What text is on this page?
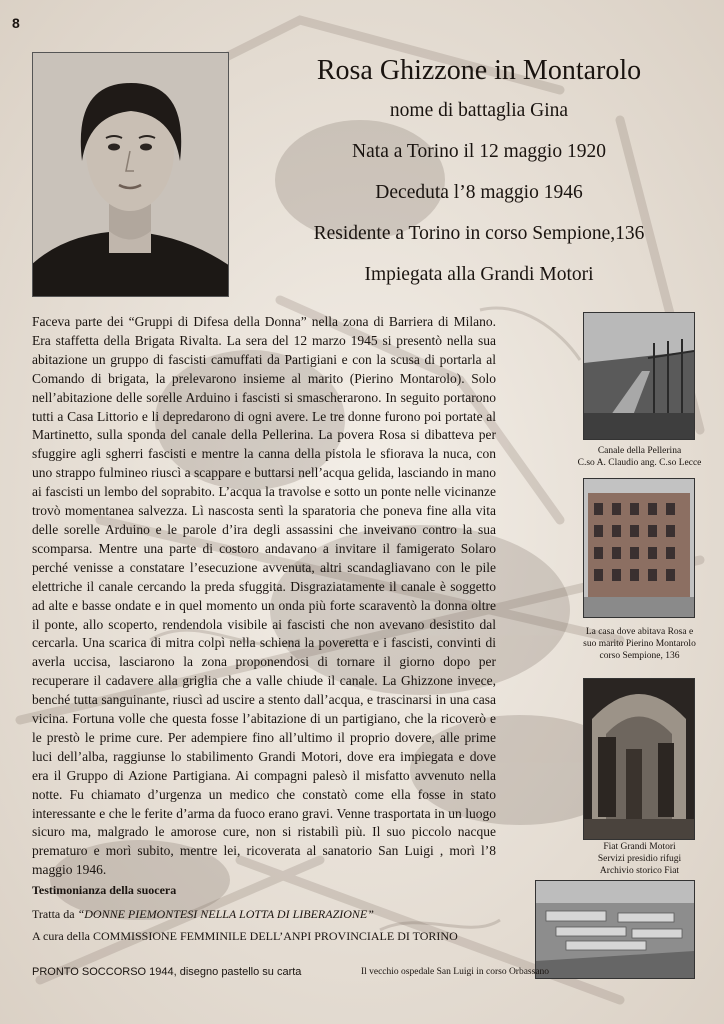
8
Rosa Ghizzone in Montarolo
nome di battaglia Gina
Nata a Torino il 12 maggio 1920
Deceduta l’8 maggio 1946
Residente a Torino in corso Sempione,136
Impiegata alla Grandi Motori

Faceva parte dei “Gruppi di Difesa della Donna” nella zona di Barriera di Milano. Era staffetta della Brigata Rivalta. La sera del 12 marzo 1945 si presentò nella sua abitazione un gruppo di fascisti camuffati da Partigiani e con la scusa di portarla al Comando di brigata, la prelevarono insieme al marito (Pierino Montarolo). Solo nell’abitazione delle sorelle Arduino i fascisti si smascherarono. In seguito portarono tutti a Casa Littorio e li depredarono di ogni avere. Le tre donne furono poi portate al Martinetto, sulla sponda del canale della Pellerina. La povera Rosa si dibatteva per sfuggire agli sgherri fascisti e mentre la canna della pistola le sfiorava la nuca, con uno strappo fulmineo riuscì a scappare e buttarsi nell’acqua gelida, lasciando in mano ai fascisti un lembo del soprabito. L’acqua la travolse e sotto un ponte nelle vicinanze trovò momentanea salvezza. Lì nascosta sentì la sparatoria che poneva fine alla vita delle sorelle Arduino e le parole d’ira degli assassini che inveivano contro la sua scomparsa. Mentre una parte di costoro andavano a invitare il famigerato Solaro perché venisse a constatare l’esecuzione avvenuta, altri scandagliavano con le pile elettriche il canale cercando la preda sfuggita. Disgraziatamente il canale è soggetto ad alte e basse ondate e in quel momento un onda più forte scaraventò la donna oltre il ponte, allo scoperto, rendendola visibile ai fascisti che non avevano desistito dal cercarla. Una scarica di mitra colpì nella schiena la poveretta e i fascisti, convinti di averla uccisa, lasciarono la zona proponendosi di tornare il giorno dopo per recuperare il cadavere alla griglia che a valle chiude il canale. La Ghizzone invece, benché tutta sanguinante, riuscì ad uscire a stento dall’acqua, e trascinarsi in una casa vicina. Fortuna volle che questa fosse l’abitazione di un partigiano, che la ricoverò e le prestò le prime cure. Per adempiere fino all’ultimo il proprio dovere, alle prime luci dell’alba, raggiunse lo stabilimento Grandi Motori, dove era impiegata e dove era il Gruppo di Azione Partigiana. Ai compagni palesò il misfatto avvenuto nella notte. Fu chiamato d’urgenza un medico che constatò come ella fosse in stato interessante e che le ferite d’arma da fuoco erano gravi. Venne trasportata in un luogo sicuro ma, malgrado le amorose cure, non si ristabilì più. Il suo piccolo nacque prematuro e morì subito, mentre lei, ricoverata al sanatorio San Luigi , morì l’8 maggio 1946.

Testimonianza della suocera
Tratta da “DONNE PIEMONTESI NELLA LOTTA DI LIBERAZIONE”
A cura della COMMISSIONE FEMMINILE DELL’ANPI PROVINCIALE DI TORINO
PRONTO SOCCORSO 1944, disegno pastello su carta
Canale della Pellerina
C.so A. Claudio ang. C.so Lecce
La casa dove abitava Rosa e
suo marito Pierino Montarolo
corso Sempione, 136
Fiat Grandi Motori
Servizi presidio rifugi
Archivio storico Fiat
Il vecchio ospedale San Luigi in corso Orbassano
